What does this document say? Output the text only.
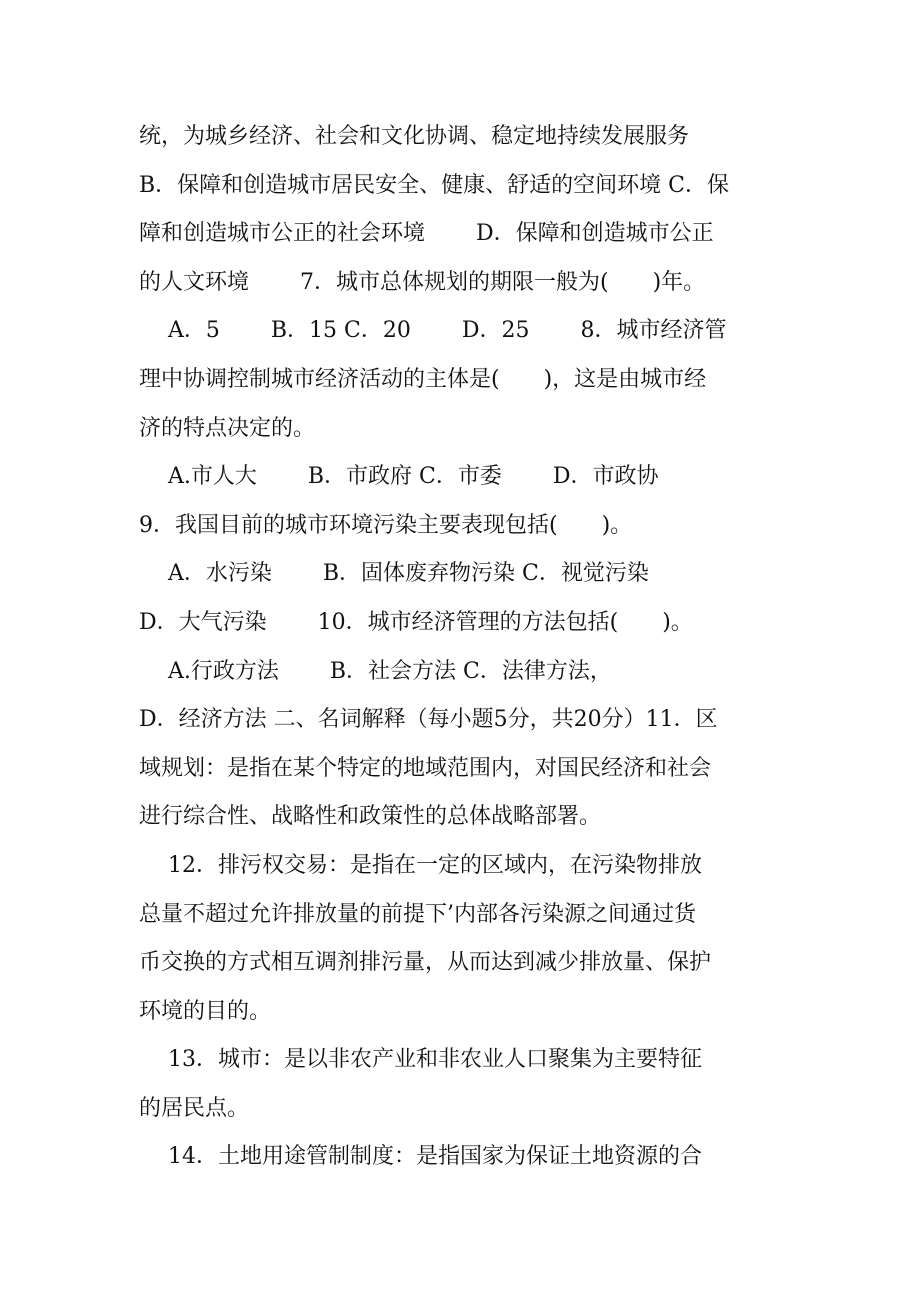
统，为城乡经济、社会和文化协调、稳定地持续发展服务
B．保障和创造城市居民安全、健康、舒适的空间环境 C．保
障和创造城市公正的社会环境　　 D．保障和创造城市公正
的人文环境　　 7．城市总体规划的期限一般为(　　)年。
　 A．5　　 B．15 C．20　　 D．25　　 8．城市经济管
理中协调控制城市经济活动的主体是(　　)，这是由城市经
济的特点决定的。
　 A.市人大　　 B．市政府 C．市委　　 D．市政协
9．我国目前的城市环境污染主要表现包括(　　)。
　 A．水污染　　 B．固体废弃物污染 C．视觉污染
D．大气污染　　 10．城市经济管理的方法包括(　　)。
　 A.行政方法　　 B．社会方法 C．法律方法，
D．经济方法 二、名词解释（每小题5分，共20分）11．区
域规划：是指在某个特定的地域范围内，对国民经济和社会
进行综合性、战略性和政策性的总体战略部署。
　 12．排污权交易：是指在一定的区域内，在污染物排放
总量不超过允许排放量的前提下’内部各污染源之间通过货
币交换的方式相互调剂排污量，从而达到减少排放量、保护
环境的目的。
　 13．城市：是以非农产业和非农业人口聚集为主要特征
的居民点。
　 14．土地用途管制制度：是指国家为保证土地资源的合
